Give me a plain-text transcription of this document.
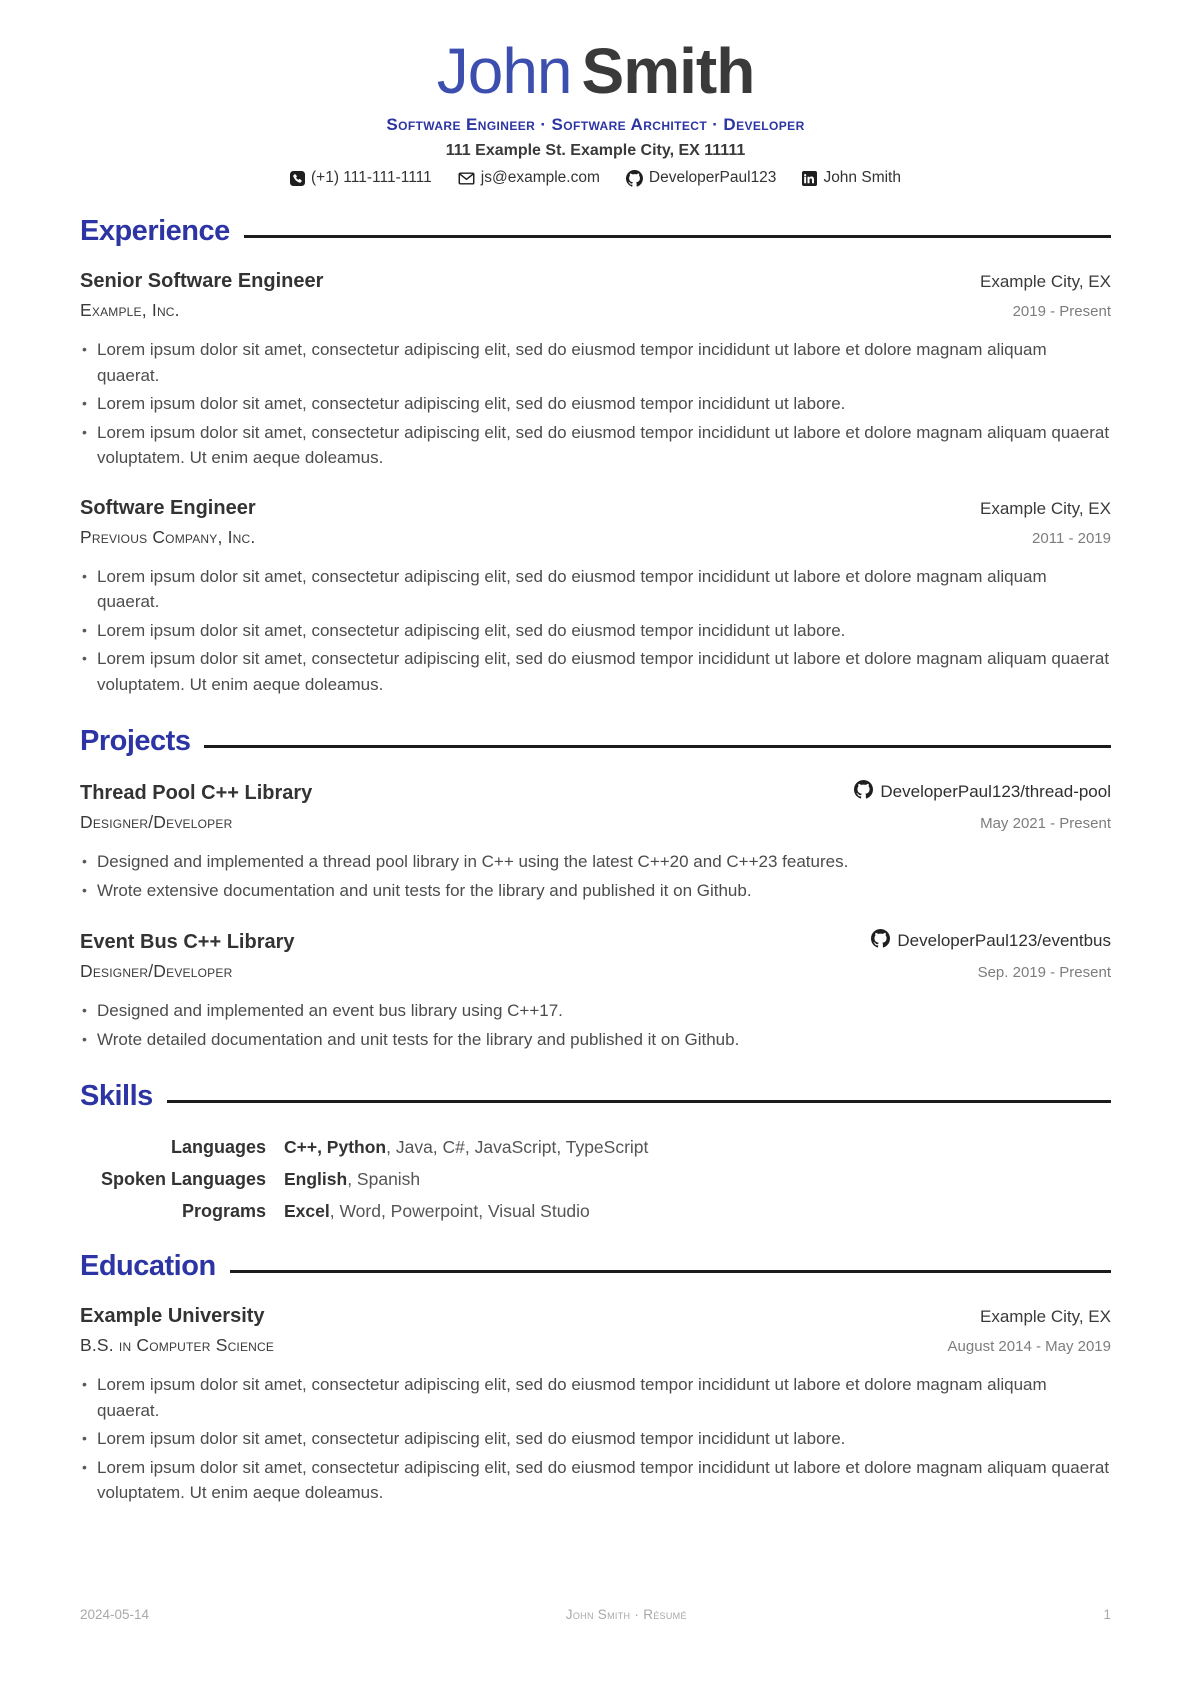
John Smith
Software Engineer · Software Architect · Developer
111 Example St. Example City, EX 11111
(+1) 111-111-1111	js@example.com	DeveloperPaul123	John Smith
Experience
Senior Software Engineer	Example City, EX
Example, Inc.	2019 - Present
• Lorem ipsum dolor sit amet, consectetur adipiscing elit, sed do eiusmod tempor incididunt ut labore et dolore magnam aliquam quaerat.
• Lorem ipsum dolor sit amet, consectetur adipiscing elit, sed do eiusmod tempor incididunt ut labore.
• Lorem ipsum dolor sit amet, consectetur adipiscing elit, sed do eiusmod tempor incididunt ut labore et dolore magnam aliquam quaerat voluptatem. Ut enim aeque doleamus.
Software Engineer	Example City, EX
Previous Company, Inc.	2011 - 2019
• Lorem ipsum dolor sit amet, consectetur adipiscing elit, sed do eiusmod tempor incididunt ut labore et dolore magnam aliquam quaerat.
• Lorem ipsum dolor sit amet, consectetur adipiscing elit, sed do eiusmod tempor incididunt ut labore.
• Lorem ipsum dolor sit amet, consectetur adipiscing elit, sed do eiusmod tempor incididunt ut labore et dolore magnam aliquam quaerat voluptatem. Ut enim aeque doleamus.
Projects
Thread Pool C++ Library	DeveloperPaul123/thread-pool
Designer/Developer	May 2021 - Present
• Designed and implemented a thread pool library in C++ using the latest C++20 and C++23 features.
• Wrote extensive documentation and unit tests for the library and published it on Github.
Event Bus C++ Library	DeveloperPaul123/eventbus
Designer/Developer	Sep. 2019 - Present
• Designed and implemented an event bus library using C++17.
• Wrote detailed documentation and unit tests for the library and published it on Github.
Skills
Languages C++, Python, Java, C#, JavaScript, TypeScript
Spoken Languages English, Spanish
Programs Excel, Word, Powerpoint, Visual Studio
Education
Example University	Example City, EX
B.S. in Computer Science	August 2014 - May 2019
• Lorem ipsum dolor sit amet, consectetur adipiscing elit, sed do eiusmod tempor incididunt ut labore et dolore magnam aliquam quaerat.
• Lorem ipsum dolor sit amet, consectetur adipiscing elit, sed do eiusmod tempor incididunt ut labore.
• Lorem ipsum dolor sit amet, consectetur adipiscing elit, sed do eiusmod tempor incididunt ut labore et dolore magnam aliquam quaerat voluptatem. Ut enim aeque doleamus.
2024-05-14	John Smith · Résumé	1
